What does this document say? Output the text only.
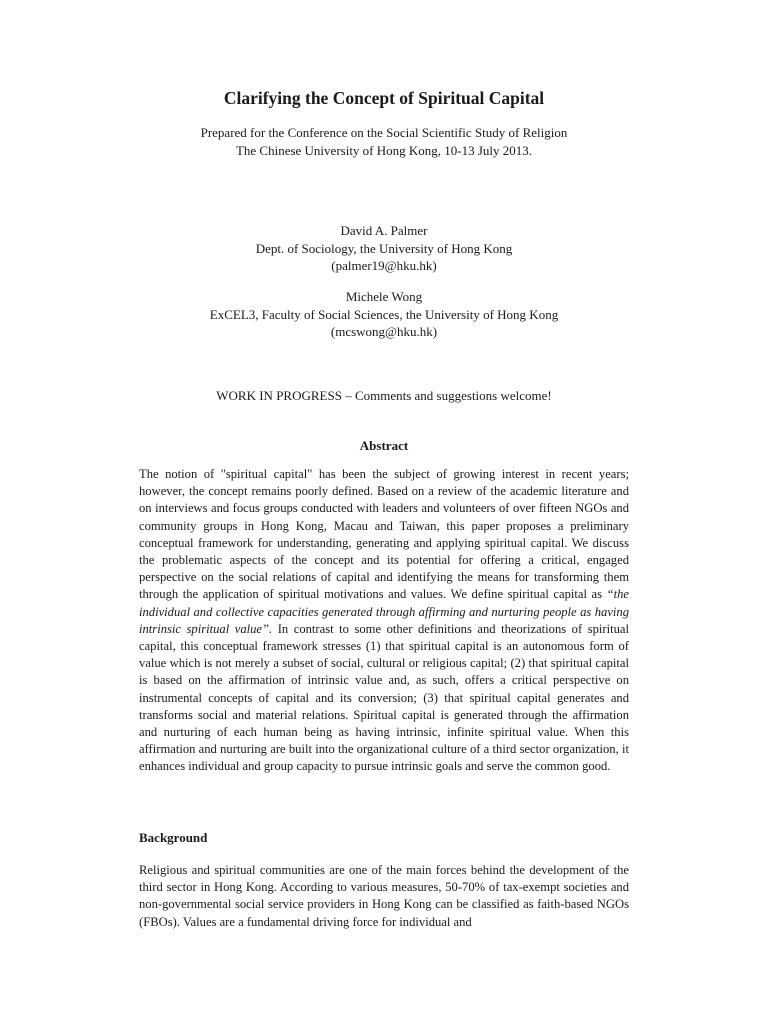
Clarifying the Concept of Spiritual Capital
Prepared for the Conference on the Social Scientific Study of Religion
The Chinese University of Hong Kong, 10-13 July 2013.
David A. Palmer
Dept. of Sociology, the University of Hong Kong
(palmer19@hku.hk)
Michele Wong
ExCEL3, Faculty of Social Sciences, the University of Hong Kong
(mcswong@hku.hk)
WORK IN PROGRESS – Comments and suggestions welcome!
Abstract
The notion of "spiritual capital" has been the subject of growing interest in recent years; however, the concept remains poorly defined. Based on a review of the academic literature and on interviews and focus groups conducted with leaders and volunteers of over fifteen NGOs and community groups in Hong Kong, Macau and Taiwan, this paper proposes a preliminary conceptual framework for understanding, generating and applying spiritual capital. We discuss the problematic aspects of the concept and its potential for offering a critical, engaged perspective on the social relations of capital and identifying the means for transforming them through the application of spiritual motivations and values. We define spiritual capital as “the individual and collective capacities generated through affirming and nurturing people as having intrinsic spiritual value”. In contrast to some other definitions and theorizations of spiritual capital, this conceptual framework stresses (1) that spiritual capital is an autonomous form of value which is not merely a subset of social, cultural or religious capital; (2) that spiritual capital is based on the affirmation of intrinsic value and, as such, offers a critical perspective on instrumental concepts of capital and its conversion; (3) that spiritual capital generates and transforms social and material relations. Spiritual capital is generated through the affirmation and nurturing of each human being as having intrinsic, infinite spiritual value. When this affirmation and nurturing are built into the organizational culture of a third sector organization, it enhances individual and group capacity to pursue intrinsic goals and serve the common good.
Background
Religious and spiritual communities are one of the main forces behind the development of the third sector in Hong Kong. According to various measures, 50-70% of tax-exempt societies and non-governmental social service providers in Hong Kong can be classified as faith-based NGOs (FBOs). Values are a fundamental driving force for individual and
